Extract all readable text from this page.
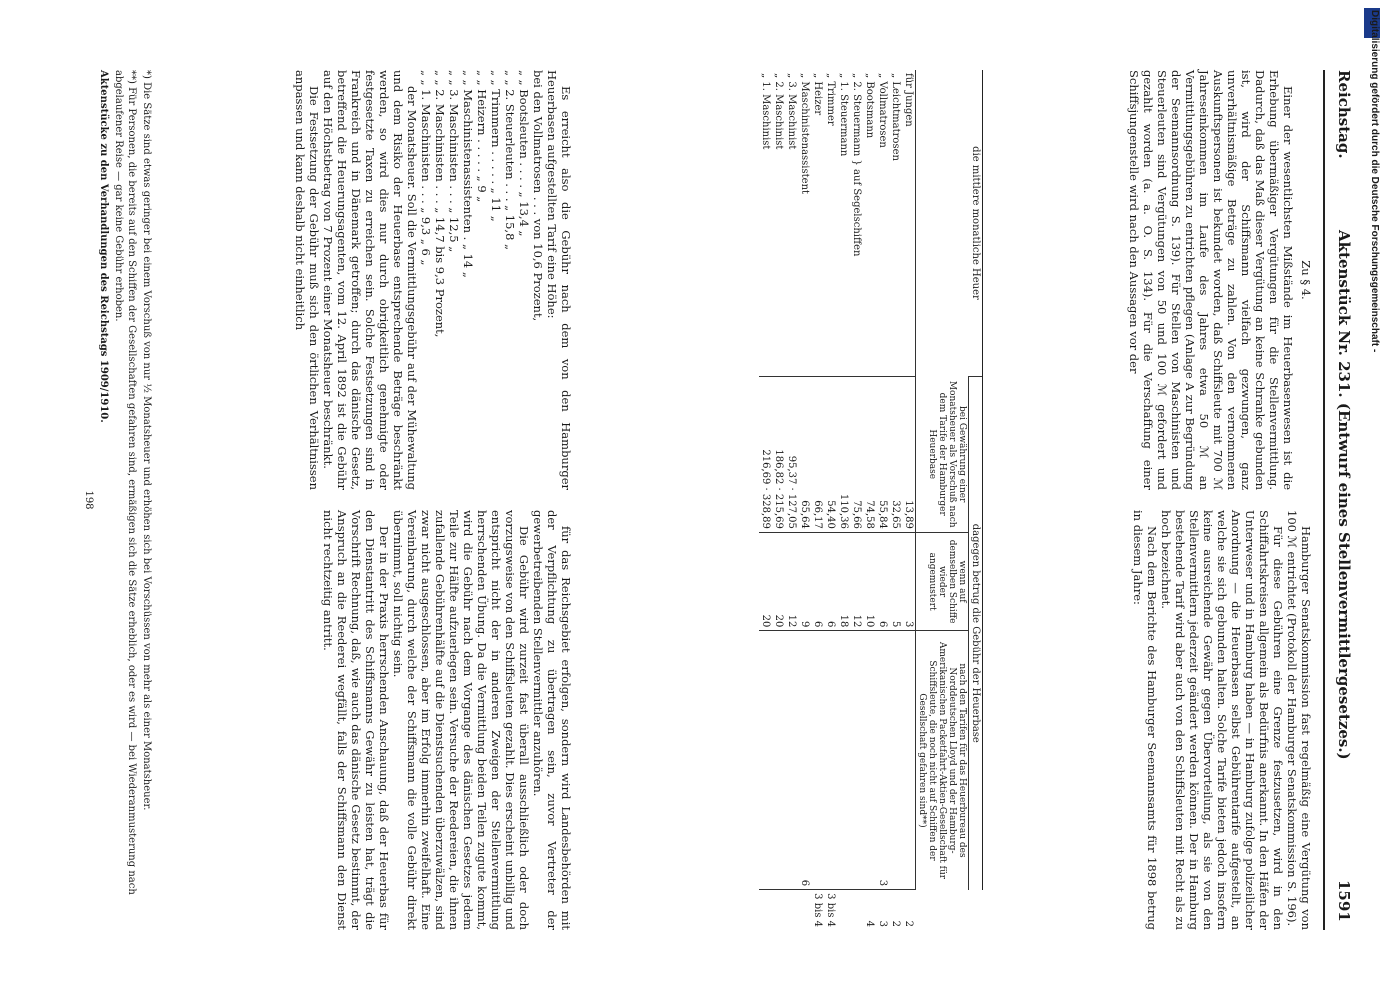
Reichstag.
Aktenstück Nr. 231. (Entwurf eines Stellenvermittlergesetzes.)
1591

Zu § 4.

Einer der wesentlichsten Mißstände im Heuerbasenwesen ist die Erhebung übermäßiger Vergütungen für die Stellenvermittlung. Dadurch, daß das Maß dieser Vergütung an keine Schranke gebunden ist, wird der Schiffsmann vielfach gezwungen, ganz unverhältnismäßige Beträge zu zahlen. Von den vernommenen Auskunftspersonen ist bekundet worden, daß Schiffsleute mit 700 ℳ Jahreseinkommen im Laufe des Jahres etwa 50 ℳ an Vermittlungsgebühren zu entrichten pflegen (Anlage A zur Begründung der Seemannsordnung S. 139). Für Stellen von Maschinisten und Steuerleuten sind Vergütungen von 50 und 100 ℳ gefordert und gezahlt worden (a. a. O. S. 134). Für die Verschaffung einer Schiffsjungenstelle wird nach den Aussagen vor der

Hamburger Senatskommission fast regelmäßig eine Vergütung von 100 ℳ entrichtet (Protokoll der Hamburger Senatskommission S. 196).

Für diese Gebühren eine Grenze festzusetzen, wird in den Schiffahrtskreisen allgemein als Bedürfnis anerkannt. In den Häfen der Unterweser und in Hamburg haben — in Hamburg zufolge polizeilicher Anordnung — die Heuerbasen selbst Gebührentarife aufgestellt, an welche sie sich gebunden halten. Solche Tarife bieten jedoch insofern keine ausreichende Gewähr gegen Übervorteilung, als sie von den Stellenvermittlern jederzeit geändert werden können. Der in Hamburg bestehende Tarif wird aber auch von den Schiffsleuten mit Recht als zu hoch bezeichnet.

Nach dem Berichte des Hamburger Seemannsamts für 1898 betrug in diesem Jahre:

die mittlere monatliche Heuer	dagegen betrug die Gebühr der Heuerbase			
	bei Gewährung einer Monatsheuer als Vorschuß nach dem Tarife der Hamburger Heuerbase	wenn auf demselben Schiffe wieder angemustert	nach den Tarifen für das Heuerbureau des Norddeutschen Lloyd und der Hamburg-Amerikanischen Packetfahrt-Aktien-Gesellschaft für Schiffsleute, die noch nicht auf Schiffen der Gesellschaft gefahren sind**)	
für Jungen	13,89	3		2
„ Leichtmatrosen	32,65	5		2
„ Vollmatrosen	55,84	6	3	3
„ Bootsmann	74,58	10		4
„ 2. Steuermann } auf Segelschiffen	75,66	12		
„ 1. Steuermann	110,36	18		
„ Trimmer	54,40	6		3 bis 4
„ Heizer	66,17	6		3 bis 4
„ Maschinistenassistent	65,64	9	6	
„ 3. Maschinist	95,37 · 127,05	12		
„ 2. Maschinist	186,82 · 215,69	20		
„ 1. Maschinist	216,69 · 328,89	20		

Es erreicht also die Gebühr nach dem von den Hamburger Heuerbasen aufgestellten Tarif eine Höhe:

bei den Vollmatrosen . . . von 10,6 Prozent,
„ „ Bootsleuten . . . . „ 13,4 „
„ „ 2. Steuerleuten . . . „ 15,8 „
„ „ Trimmern . . . . . „ 11 „
„ „ Heizern . . . . . „ 9 „
„ „ Maschinistenassistenten . „ 14 „
„ „ 3. Maschinisten . . . „ 12,5 „
„ „ 2. Maschinisten . . . „ 14,7 bis 9,3 Prozent,
„ „ 1. Maschinisten . . . „ 9,3 „ 6 „

der Monatsheuer. Soll die Vermittlungsgebühr auf der Mühewaltung und dem Risiko der Heuerbase entsprechende Beträge beschränkt werden, so wird dies nur durch obrigkeitlich genehmigte oder festgesetzte Taxen zu erreichen sein. Solche Festsetzungen sind in Frankreich und in Dänemark getroffen; durch das dänische Gesetz, betreffend die Heuerungsagenten, vom 12. April 1892 ist die Gebühr auf den Höchstbetrag von 7 Prozent einer Monatsheuer beschränkt.

Die Festsetzung der Gebühr muß sich den örtlichen Verhältnissen anpassen und kann deshalb nicht einheitlich

für das Reichsgebiet erfolgen, sondern wird Landesbehörden mit der Verpflichtung zu übertragen sein, zuvor Vertreter der gewerbetreibenden Stellenvermittler anzuhören.

Die Gebühr wird zurzeit fast überall ausschließlich oder doch vorzugsweise von den Schiffsleuten gezahlt. Dies erscheint unbillig und entspricht nicht der in anderen Zweigen der Stellenvermittlung herrschenden Übung. Da die Vermittlung beiden Teilen zugute kommt, wird die Gebühr nach dem Vorgange des dänischen Gesetzes jedem Teile zur Hälfte aufzuerlegen sein. Versuche der Reedereien, die ihnen zufallende Gebührenhälfte auf die Dienstsuchenden überzuwälzen, sind zwar nicht ausgeschlossen, aber im Erfolg immerhin zweifelhaft. Eine Vereinbarung, durch welche der Schiffsmann die volle Gebühr direkt übernimmt, soll nichtig sein.

Der in der Praxis herrschenden Anschauung, daß der Heuerbas für den Dienstantritt des Schiffsmanns Gewähr zu leisten hat, trägt die Vorschrift Rechnung, daß, wie auch das dänische Gesetz bestimmt, der Anspruch an die Reederei wegfällt, falls der Schiffsmann den Dienst nicht rechtzeitig antritt.

*) Die Sätze sind etwas geringer bei einem Vorschuß von nur ½ Monatsheuer und erhöhen sich bei Vorschüssen von mehr als einer Monatsheuer.

**) Für Personen, die bereits auf den Schiffen der Gesellschaften gefahren sind, ermäßigen sich die Sätze erheblich, oder es wird — bei Wiederanmusterung nach abgelaufener Reise — gar keine Gebühr erhoben.

Aktenstücke zu den Verhandlungen des Reichstags 1909/1910.

198

Digitalisierung gefördert durch die Deutsche Forschungsgemeinschaft -
